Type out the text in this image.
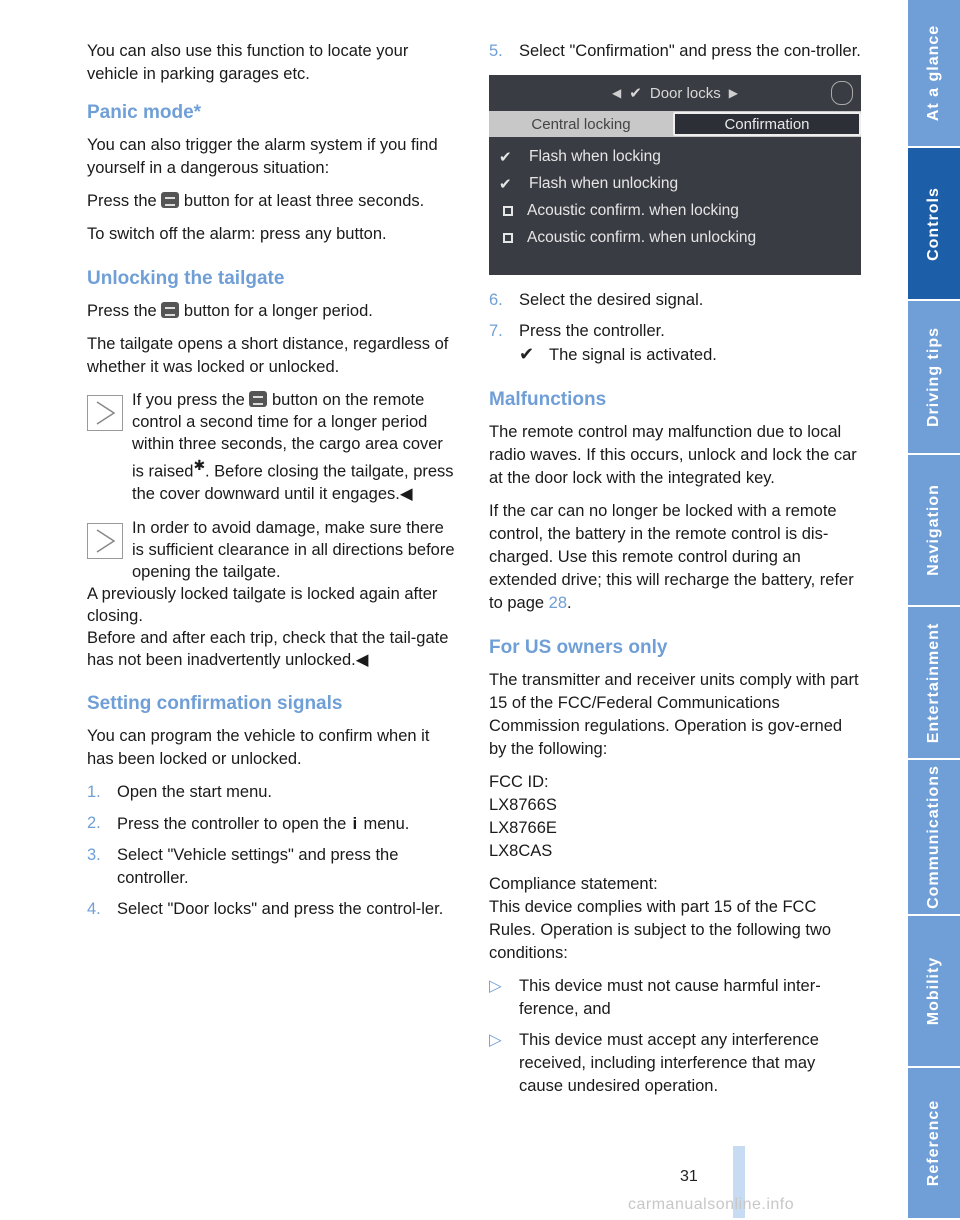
You can also use this function to locate your vehicle in parking garages etc.

Panic mode*

You can also trigger the alarm system if you find yourself in a dangerous situation:

Press the button for at least three seconds.

To switch off the alarm: press any button.

Unlocking the tailgate

Press the button for a longer period.

The tailgate opens a short distance, regardless of whether it was locked or unlocked.

If you press the button on the remote control a second time for a longer period within three seconds, the cargo area cover is raised✱. Before closing the tailgate, press the cover downward until it engages.◀
In order to avoid damage, make sure there is sufficient clearance in all directions before opening the tailgate.
A previously locked tailgate is locked again after closing.
Before and after each trip, check that the tail-gate has not been inadvertently unlocked.◀
Setting confirmation signals

You can program the vehicle to confirm when it has been locked or unlocked.

1. Open the start menu.
2. Press the controller to open the i menu.
3. Select "Vehicle settings" and press the controller.
4. Select "Door locks" and press the control-ler.
5. Select "Confirmation" and press the con-troller.
◀ ✔ Door locks ▶
Central locking	Confirmation
✔	Flash when locking
✔	Flash when unlocking
Acoustic confirm. when locking
Acoustic confirm. when unlocking
6. Select the desired signal.
7. Press the controller.
✔ The signal is activated.
Malfunctions

The remote control may malfunction due to local radio waves. If this occurs, unlock and lock the car at the door lock with the integrated key.

If the car can no longer be locked with a remote control, the battery in the remote control is dis-charged. Use this remote control during an extended drive; this will recharge the battery, refer to page 28.

For US owners only

The transmitter and receiver units comply with part 15 of the FCC/Federal Communications Commission regulations. Operation is gov-erned by the following:

FCC ID:
LX8766S
LX8766E
LX8CAS

Compliance statement:
This device complies with part 15 of the FCC Rules. Operation is subject to the following two conditions:

▷ This device must not cause harmful inter-ference, and
▷ This device must accept any interference received, including interference that may cause undesired operation.
At a glance
Controls
Driving tips
Navigation
Entertainment
Communications
Mobility
Reference
31
carmanualsonline.info
